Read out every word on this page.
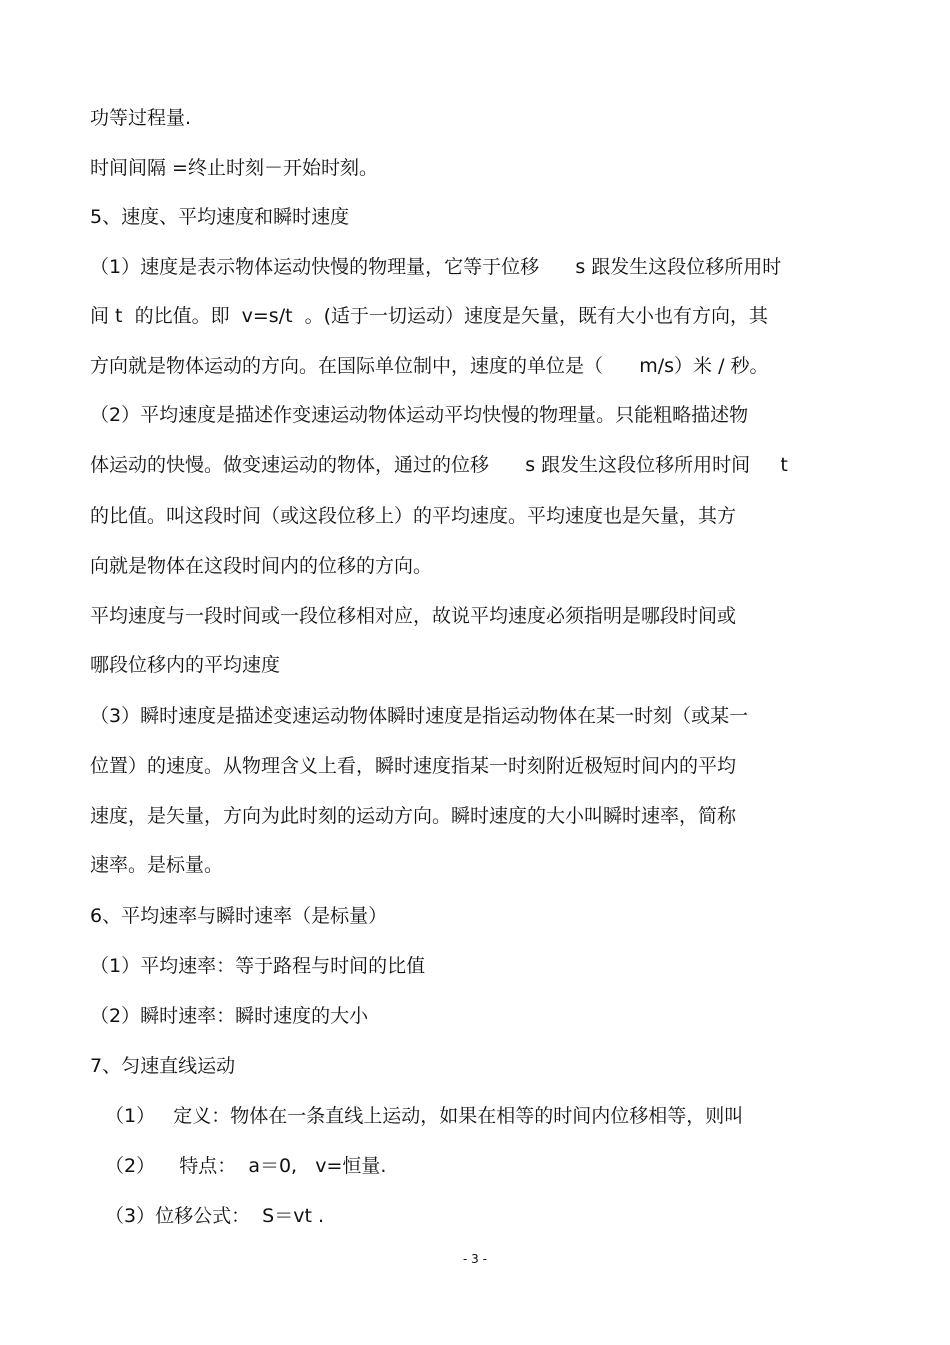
功等过程量.
时间间隔 =终止时刻－开始时刻。
5、速度、平均速度和瞬时速度
（1）速度是表示物体运动快慢的物理量，它等于位移      s 跟发生这段位移所用时
间 t  的比值。即  v=s/t  。(适于一切运动）速度是矢量，既有大小也有方向，其
方向就是物体运动的方向。在国际单位制中，速度的单位是（      m/s）米 / 秒。
（2）平均速度是描述作变速运动物体运动平均快慢的物理量。只能粗略描述物
体运动的快慢。做变速运动的物体，通过的位移      s 跟发生这段位移所用时间     t
的比值。叫这段时间（或这段位移上）的平均速度。平均速度也是矢量，其方
向就是物体在这段时间内的位移的方向。
平均速度与一段时间或一段位移相对应，故说平均速度必须指明是哪段时间或
哪段位移内的平均速度
（3）瞬时速度是描述变速运动物体瞬时速度是指运动物体在某一时刻（或某一
位置）的速度。从物理含义上看，瞬时速度指某一时刻附近极短时间内的平均
速度，是矢量，方向为此时刻的运动方向。瞬时速度的大小叫瞬时速率，简称
速率。是标量。
6、平均速率与瞬时速率（是标量）
（1）平均速率：等于路程与时间的比值
（2）瞬时速率：瞬时速度的大小
7、匀速直线运动
（1）   定义：物体在一条直线上运动，如果在相等的时间内位移相等，则叫
（2）    特点：  a＝0,   v=恒量.
（3）位移公式：  S＝vt .
- 3 -
